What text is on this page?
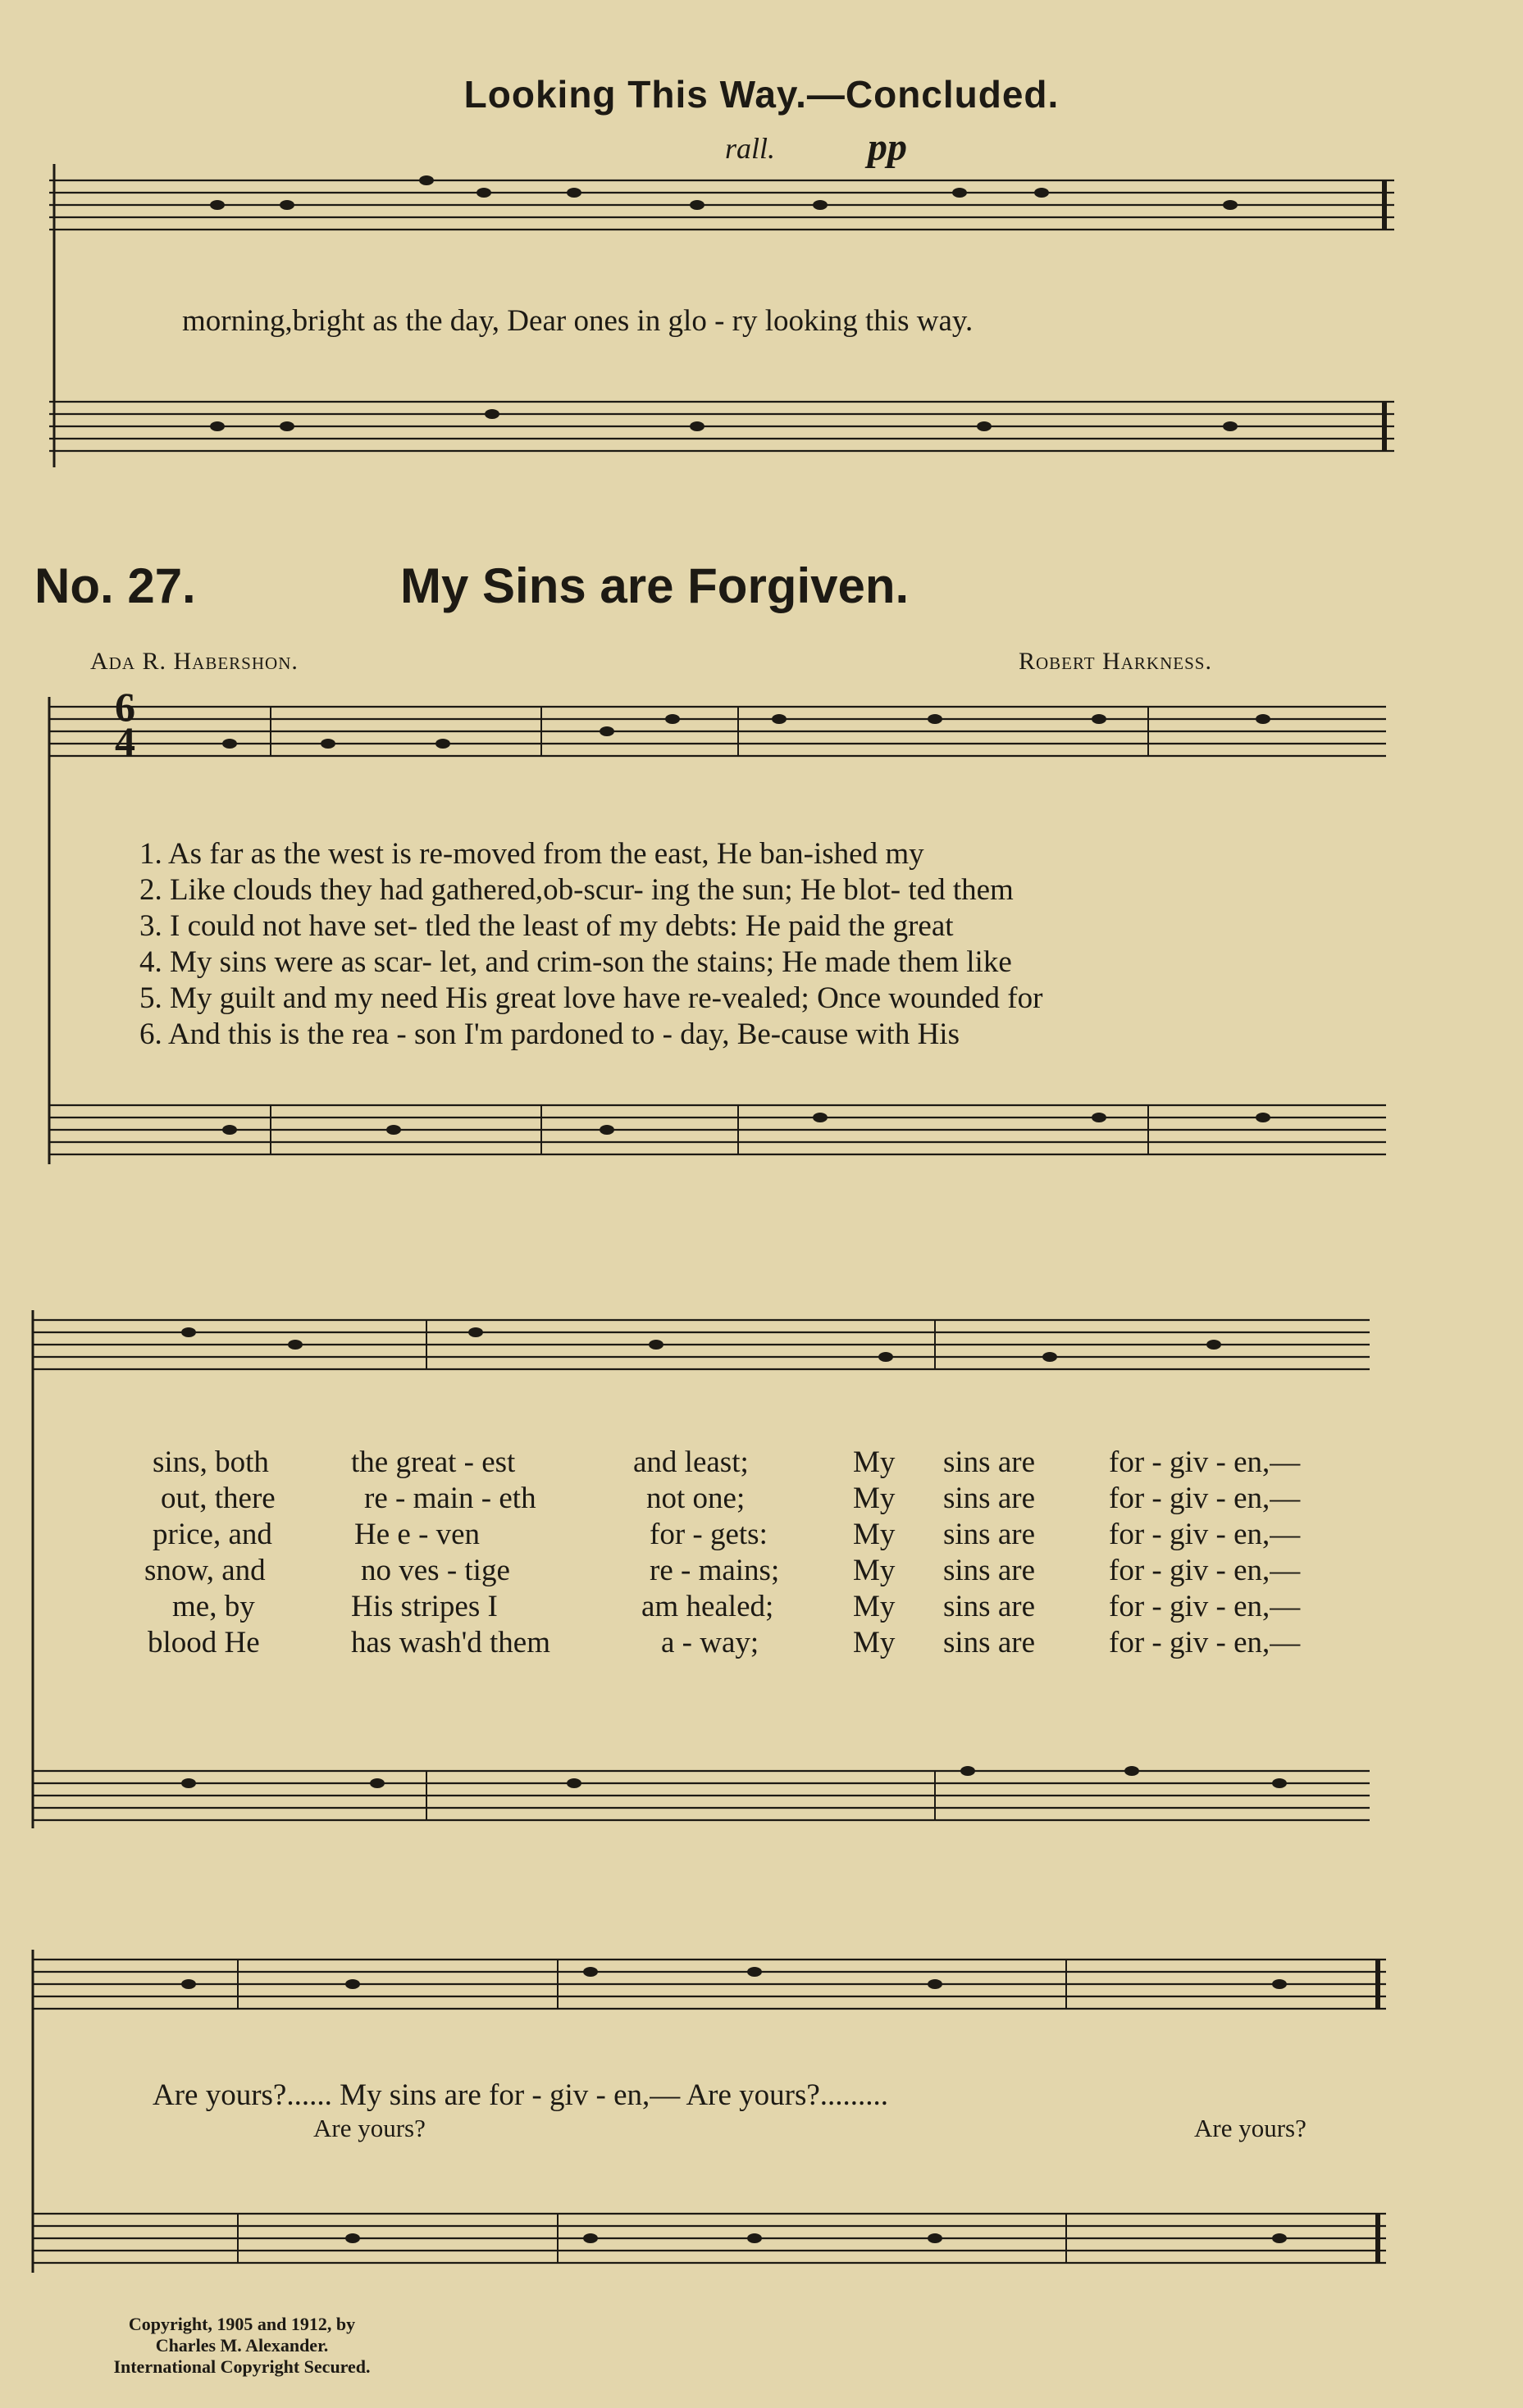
Looking This Way.—Concluded.
rall. pp
morning,bright as the day, Dear ones in glo - ry looking this way.
No. 27.	My Sins are Forgiven.
Ada R. Habershon.	Robert Harkness.
6
4
1. As far as the west is re-moved from the east, He ban-ished my
2. Like clouds they had gathered,ob-scur- ing the sun; He blot- ted them
3. I could not have set- tled the least of my debts: He paid the great
4. My sins were as scar- let, and crim-son the stains; He made them like
5. My guilt and my need His great love have re-vealed; Once wounded for
6. And this is the rea - son I'm pardoned to - day, Be-cause with His
sins, both	the great - est	and least;	My sins are for - giv - en,—
out, there	re - main - eth	not one;	My sins are for - giv - en,—
price, and	He e - ven	for - gets:	My sins are for - giv - en,—
snow, and	no ves - tige	re - mains; My sins are for - giv - en,—
me, by	His stripes I	am healed;	My sins are for - giv - en,—
blood He	has wash'd them	a - way;	My sins are for - giv - en,—
Are yours?...... My sins are for - giv - en,— Are yours?.........
Are yours?	Are yours?
Copyright, 1905 and 1912, by
Charles M. Alexander.
International Copyright Secured.
